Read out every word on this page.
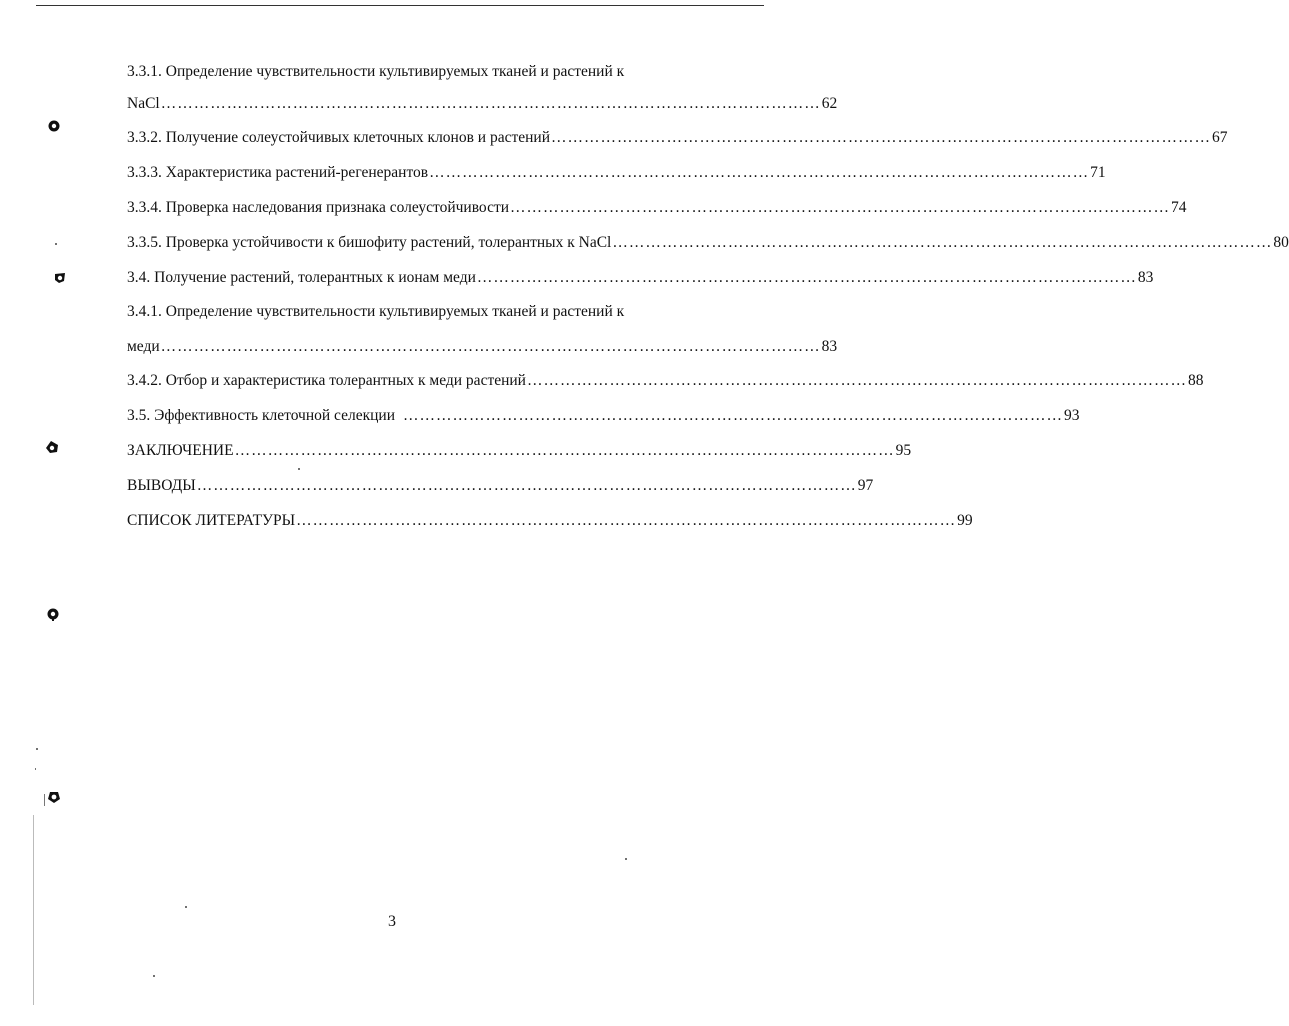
3.3.1. Определение чувствительности культивируемых тканей и растений к
NaCl ………………………………………………………………………………………………………… 62
3.3.2. Получение солеустойчивых клеточных клонов и растений ………………………………………………………………………………………………………… 67
3.3.3. Характеристика растений-регенерантов ………………………………………………………………………………………………………… 71
3.3.4. Проверка наследования признака солеустойчивости ………………………………………………………………………………………………………… 74
3.3.5. Проверка устойчивости к бишофиту растений, толерантных к NaCl ………………………………………………………………………………………………………… 80
3.4. Получение растений, толерантных к ионам меди ………………………………………………………………………………………………………… 83
3.4.1. Определение чувствительности культивируемых тканей и растений к
меди ………………………………………………………………………………………………………… 83
3.4.2. Отбор и характеристика толерантных к меди растений ………………………………………………………………………………………………………… 88
3.5. Эффективность клеточной селекции ………………………………………………………………………………………………………… 93
ЗАКЛЮЧЕНИЕ ………………………………………………………………………………………………………… 95
ВЫВОДЫ ………………………………………………………………………………………………………… 97
СПИСОК ЛИТЕРАТУРЫ ………………………………………………………………………………………………………… 99
3
